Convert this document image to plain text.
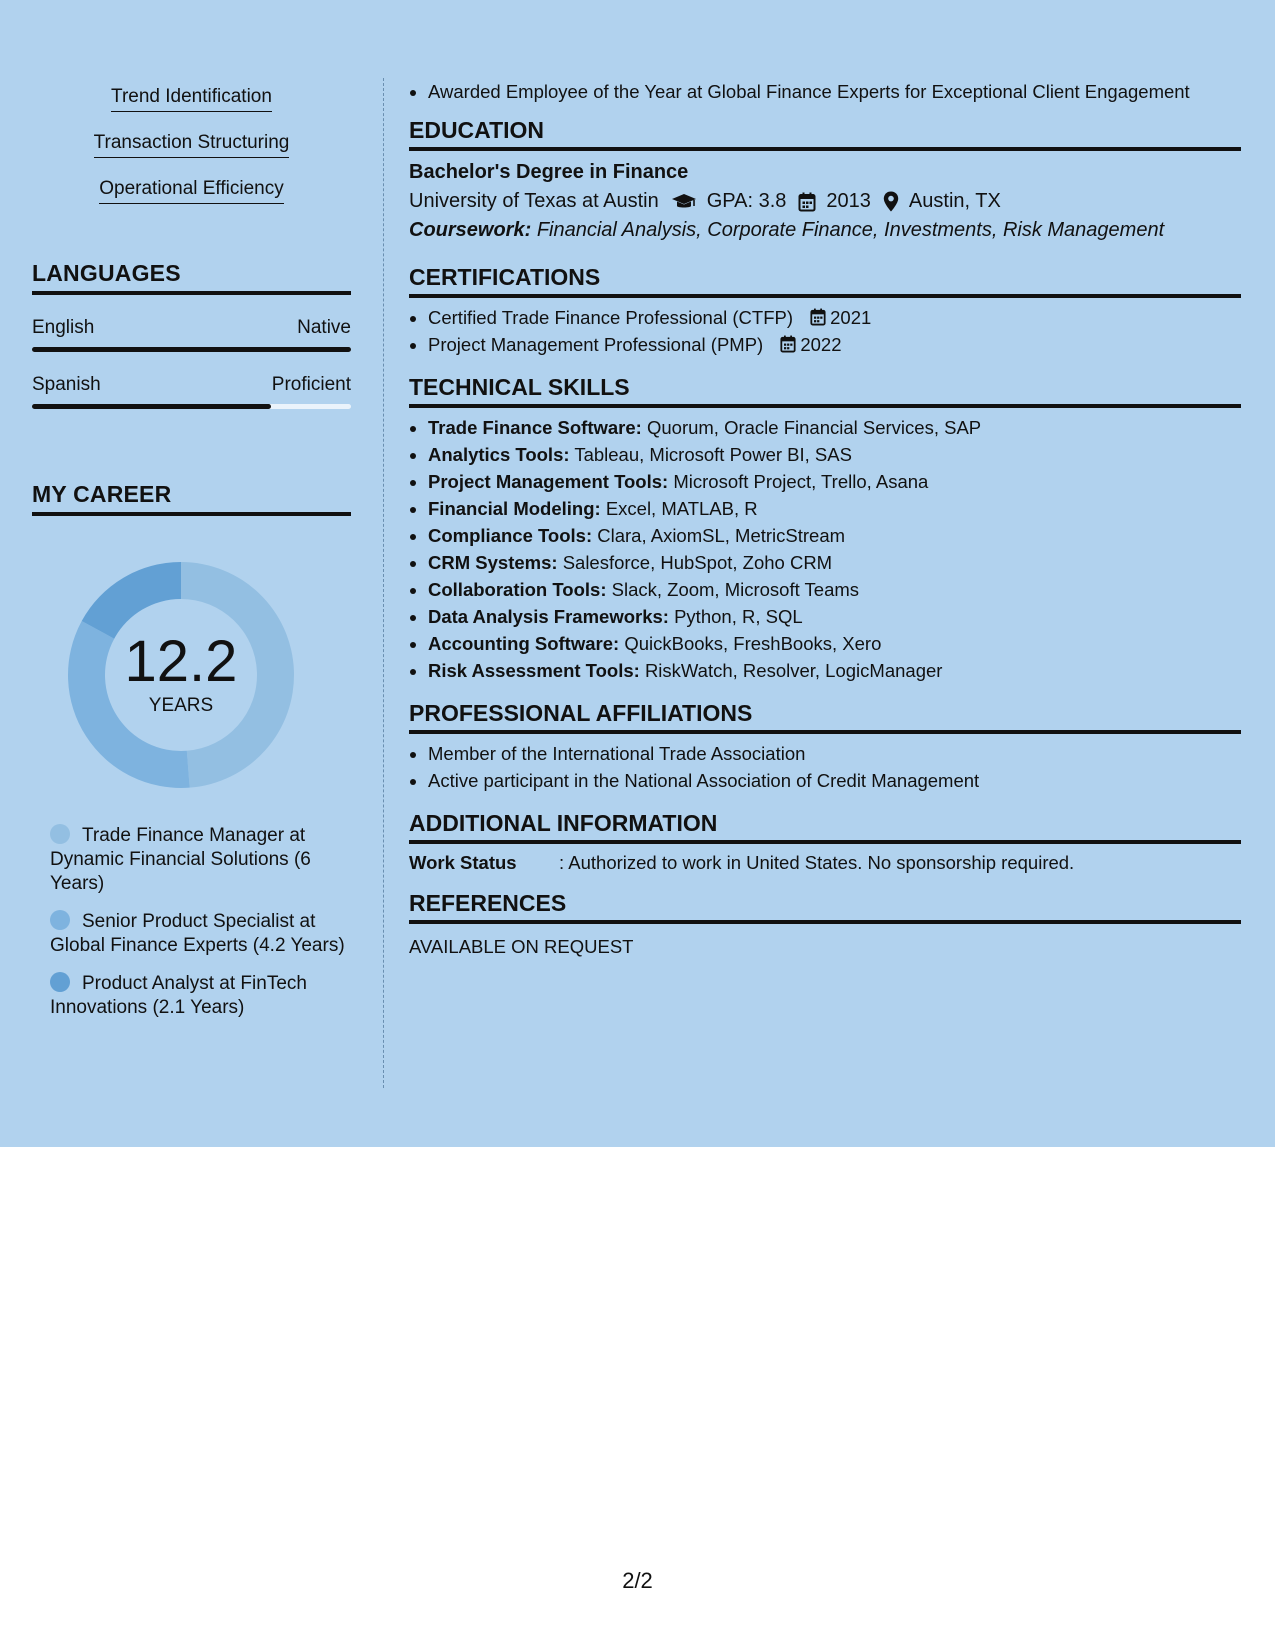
Trend Identification
Transaction Structuring
Operational Efficiency
LANGUAGES
English	Native
Spanish	Proficient
MY CAREER
12.2
YEARS
Trade Finance Manager at Dynamic Financial Solutions (6 Years)
Senior Product Specialist at Global Finance Experts (4.2 Years)
Product Analyst at FinTech Innovations (2.1 Years)
• Awarded Employee of the Year at Global Finance Experts for Exceptional Client Engagement
EDUCATION
Bachelor's Degree in Finance
University of Texas at Austin GPA: 3.8 2013 Austin, TX
Coursework: Financial Analysis, Corporate Finance, Investments, Risk Management
CERTIFICATIONS
• Certified Trade Finance Professional (CTFP) 2021
• Project Management Professional (PMP) 2022
TECHNICAL SKILLS
• Trade Finance Software: Quorum, Oracle Financial Services, SAP
• Analytics Tools: Tableau, Microsoft Power BI, SAS
• Project Management Tools: Microsoft Project, Trello, Asana
• Financial Modeling: Excel, MATLAB, R
• Compliance Tools: Clara, AxiomSL, MetricStream
• CRM Systems: Salesforce, HubSpot, Zoho CRM
• Collaboration Tools: Slack, Zoom, Microsoft Teams
• Data Analysis Frameworks: Python, R, SQL
• Accounting Software: QuickBooks, FreshBooks, Xero
• Risk Assessment Tools: RiskWatch, Resolver, LogicManager
PROFESSIONAL AFFILIATIONS
• Member of the International Trade Association
• Active participant in the National Association of Credit Management
ADDITIONAL INFORMATION
Work Status	: Authorized to work in United States. No sponsorship required.
REFERENCES
AVAILABLE ON REQUEST
2/2
